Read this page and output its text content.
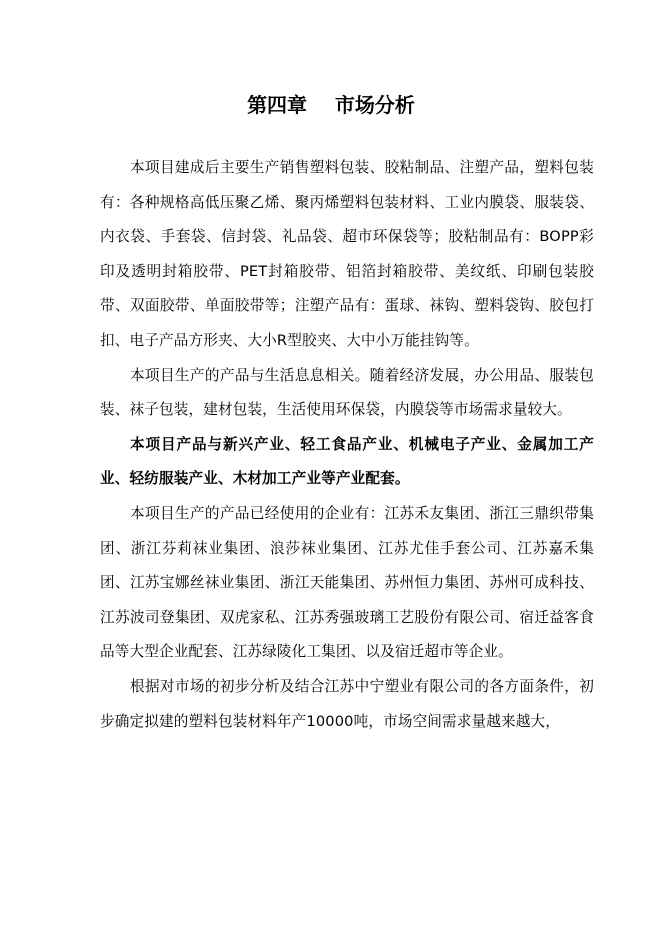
第四章    市场分析

本项目建成后主要生产销售塑料包装、胶粘制品、注塑产品，塑料包装有：各种规格高低压聚乙烯、聚丙烯塑料包装材料、工业内膜袋、服装袋、内衣袋、手套袋、信封袋、礼品袋、超市环保袋等；胶粘制品有：BOPP彩印及透明封箱胶带、PET封箱胶带、铝箔封箱胶带、美纹纸、印刷包装胶带、双面胶带、单面胶带等；注塑产品有：蛋球、袜钩、塑料袋钩、胶包打扣、电子产品方形夹、大小R型胶夹、大中小万能挂钩等。

本项目生产的产品与生活息息相关。随着经济发展，办公用品、服装包装、袜子包装，建材包装，生活使用环保袋，内膜袋等市场需求量较大。

本项目产品与新兴产业、轻工食品产业、机械电子产业、金属加工产业、轻纺服装产业、木材加工产业等产业配套。

本项目生产的产品已经使用的企业有：江苏禾友集团、浙江三鼎织带集团、浙江芬莉袜业集团、浪莎袜业集团、江苏尤佳手套公司、江苏嘉禾集团、江苏宝娜丝袜业集团、浙江天能集团、苏州恒力集团、苏州可成科技、江苏波司登集团、双虎家私、江苏秀强玻璃工艺股份有限公司、宿迁益客食品等大型企业配套、江苏绿陵化工集团、以及宿迁超市等企业。

根据对市场的初步分析及结合江苏中宁塑业有限公司的各方面条件，初步确定拟建的塑料包装材料年产10000吨，市场空间需求量越来越大，
